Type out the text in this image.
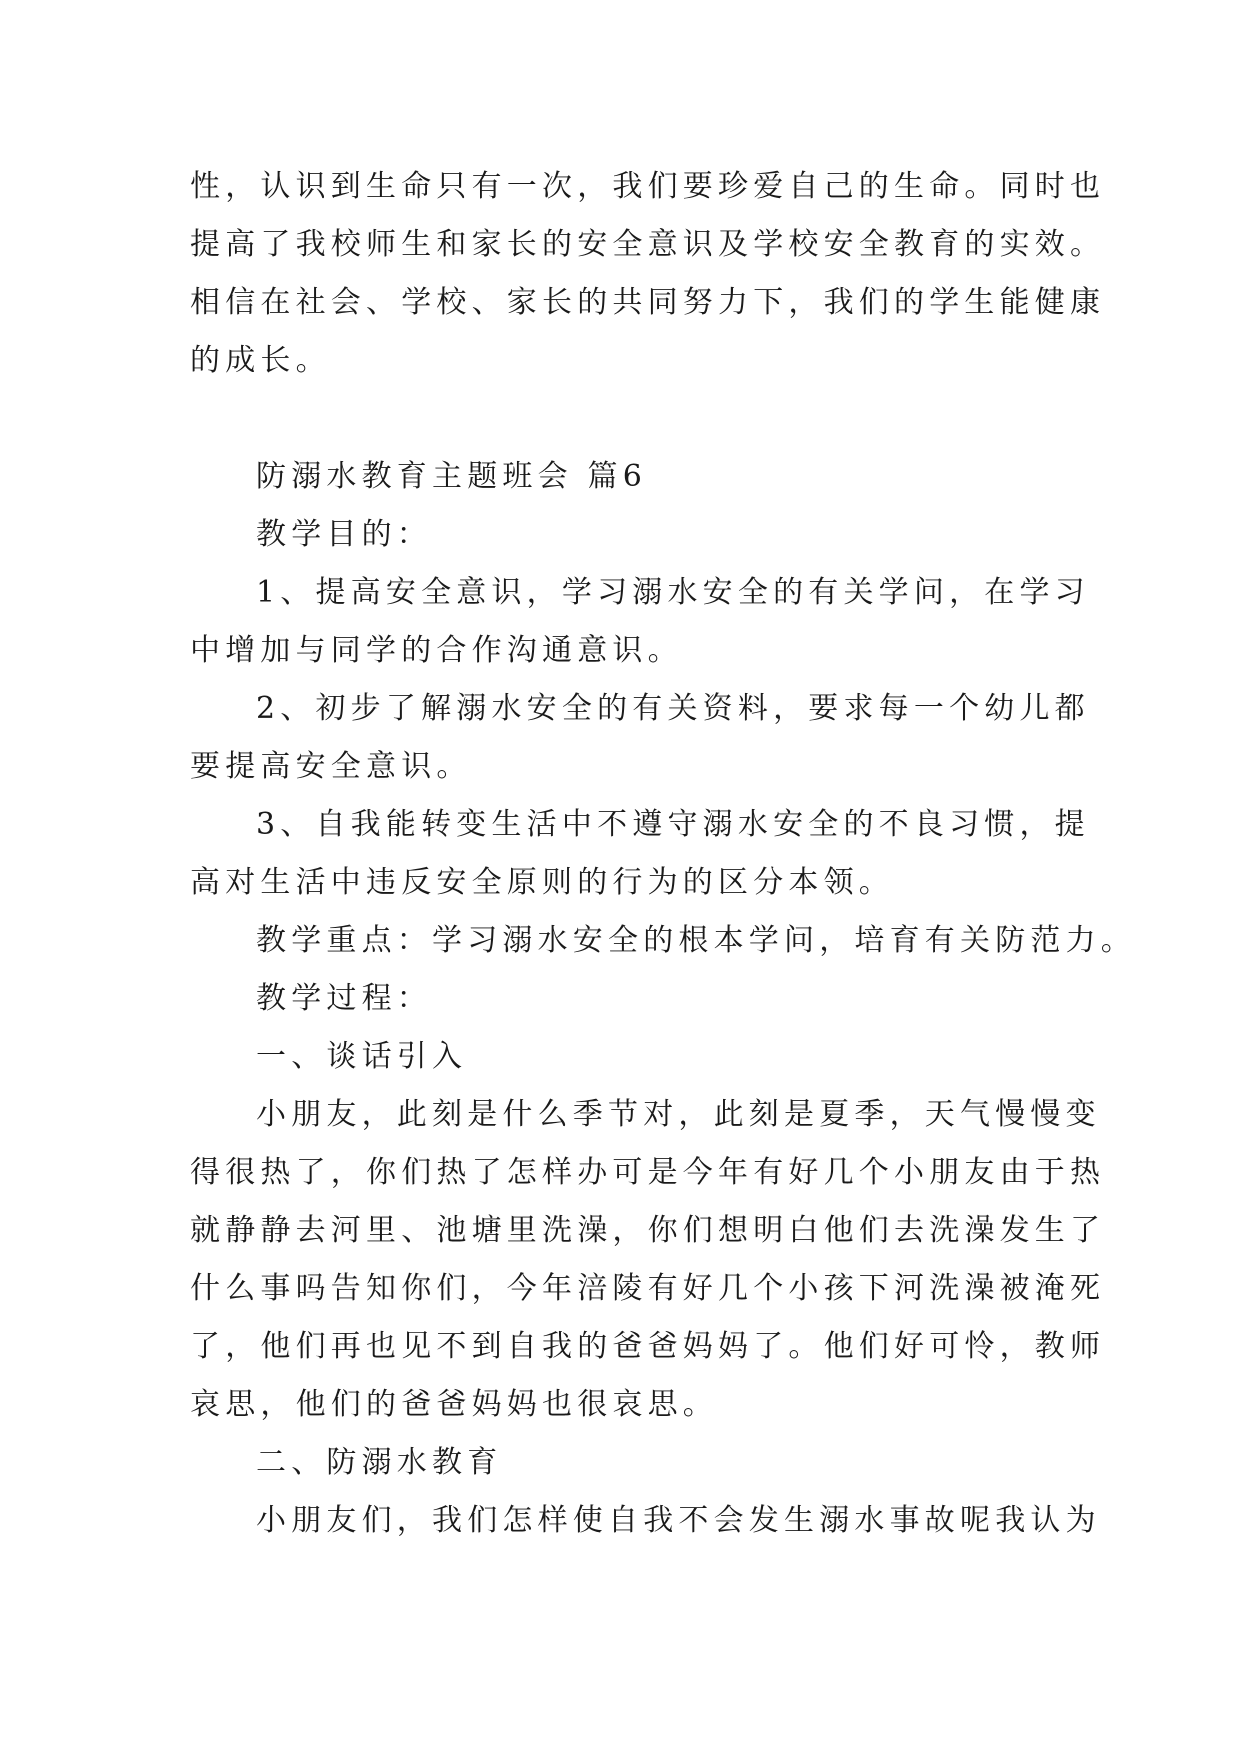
性，认识到生命只有一次，我们要珍爱自己的生命。同时也
提高了我校师生和家长的安全意识及学校安全教育的实效。
相信在社会、学校、家长的共同努力下，我们的学生能健康
的成长。
防溺水教育主题班会 篇6
教学目的：
1、提高安全意识，学习溺水安全的有关学问，在学习
中增加与同学的合作沟通意识。
2、初步了解溺水安全的有关资料，要求每一个幼儿都
要提高安全意识。
3、自我能转变生活中不遵守溺水安全的不良习惯，提
高对生活中违反安全原则的行为的区分本领。
教学重点：学习溺水安全的根本学问，培育有关防范力。
教学过程：
一、谈话引入
小朋友，此刻是什么季节对，此刻是夏季，天气慢慢变
得很热了，你们热了怎样办可是今年有好几个小朋友由于热
就静静去河里、池塘里洗澡，你们想明白他们去洗澡发生了
什么事吗告知你们，今年涪陵有好几个小孩下河洗澡被淹死
了，他们再也见不到自我的爸爸妈妈了。他们好可怜，教师
哀思，他们的爸爸妈妈也很哀思。
二、防溺水教育
小朋友们，我们怎样使自我不会发生溺水事故呢我认为
